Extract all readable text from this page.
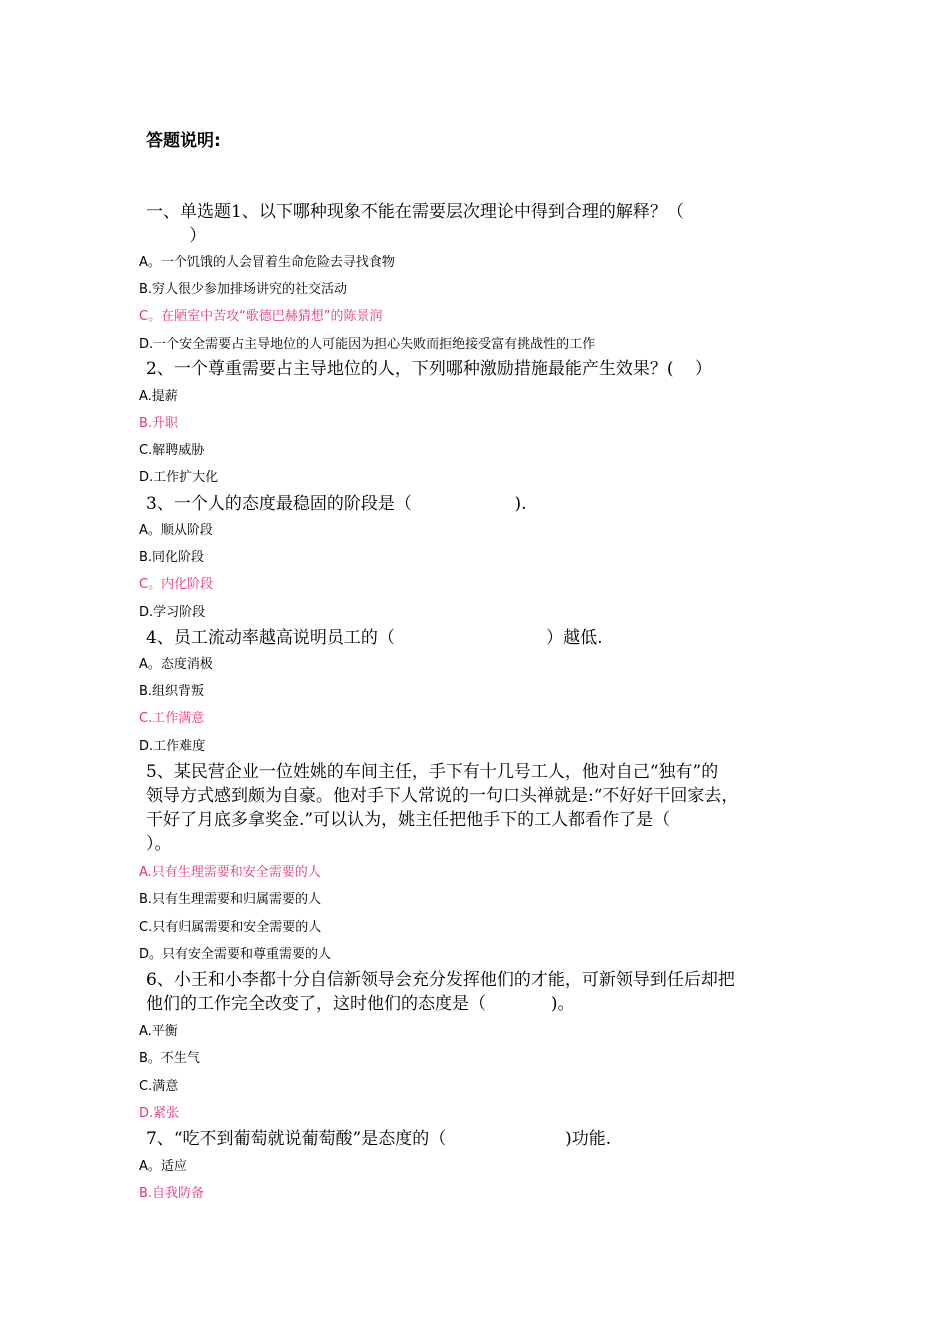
答题说明:
一、单选题1、以下哪种现象不能在需要层次理论中得到合理的解释？（
）
A。一个饥饿的人会冒着生命危险去寻找食物
B.穷人很少参加排场讲究的社交活动
C。在陋室中苦攻“歌德巴赫猜想”的陈景润
D.一个安全需要占主导地位的人可能因为担心失败而拒绝接受富有挑战性的工作
2、一个尊重需要占主导地位的人，下列哪种激励措施最能产生效果？(    ）
A.提薪
B.升职
C.解聘威胁
D.工作扩大化
3、一个人的态度最稳固的阶段是（                   ).
A。顺从阶段
B.同化阶段
C。内化阶段
D.学习阶段
4、员工流动率越高说明员工的（                            ）越低.
A。态度消极
B.组织背叛
C.工作满意
D.工作难度
5、某民营企业一位姓姚的车间主任，手下有十几号工人，他对自己“独有”的
领导方式感到颇为自豪。他对手下人常说的一句口头禅就是:“不好好干回家去，
干好了月底多拿奖金.”可以认为，姚主任把他手下的工人都看作了是（
）。
A.只有生理需要和安全需要的人
B.只有生理需要和归属需要的人
C.只有归属需要和安全需要的人
D。只有安全需要和尊重需要的人
6、小王和小李都十分自信新领导会充分发挥他们的才能，可新领导到任后却把
他们的工作完全改变了，这时他们的态度是（            )。
A.平衡
B。不生气
C.满意
D.紧张
7、“吃不到葡萄就说葡萄酸”是态度的（                      )功能.
A。适应
B.自我防备
